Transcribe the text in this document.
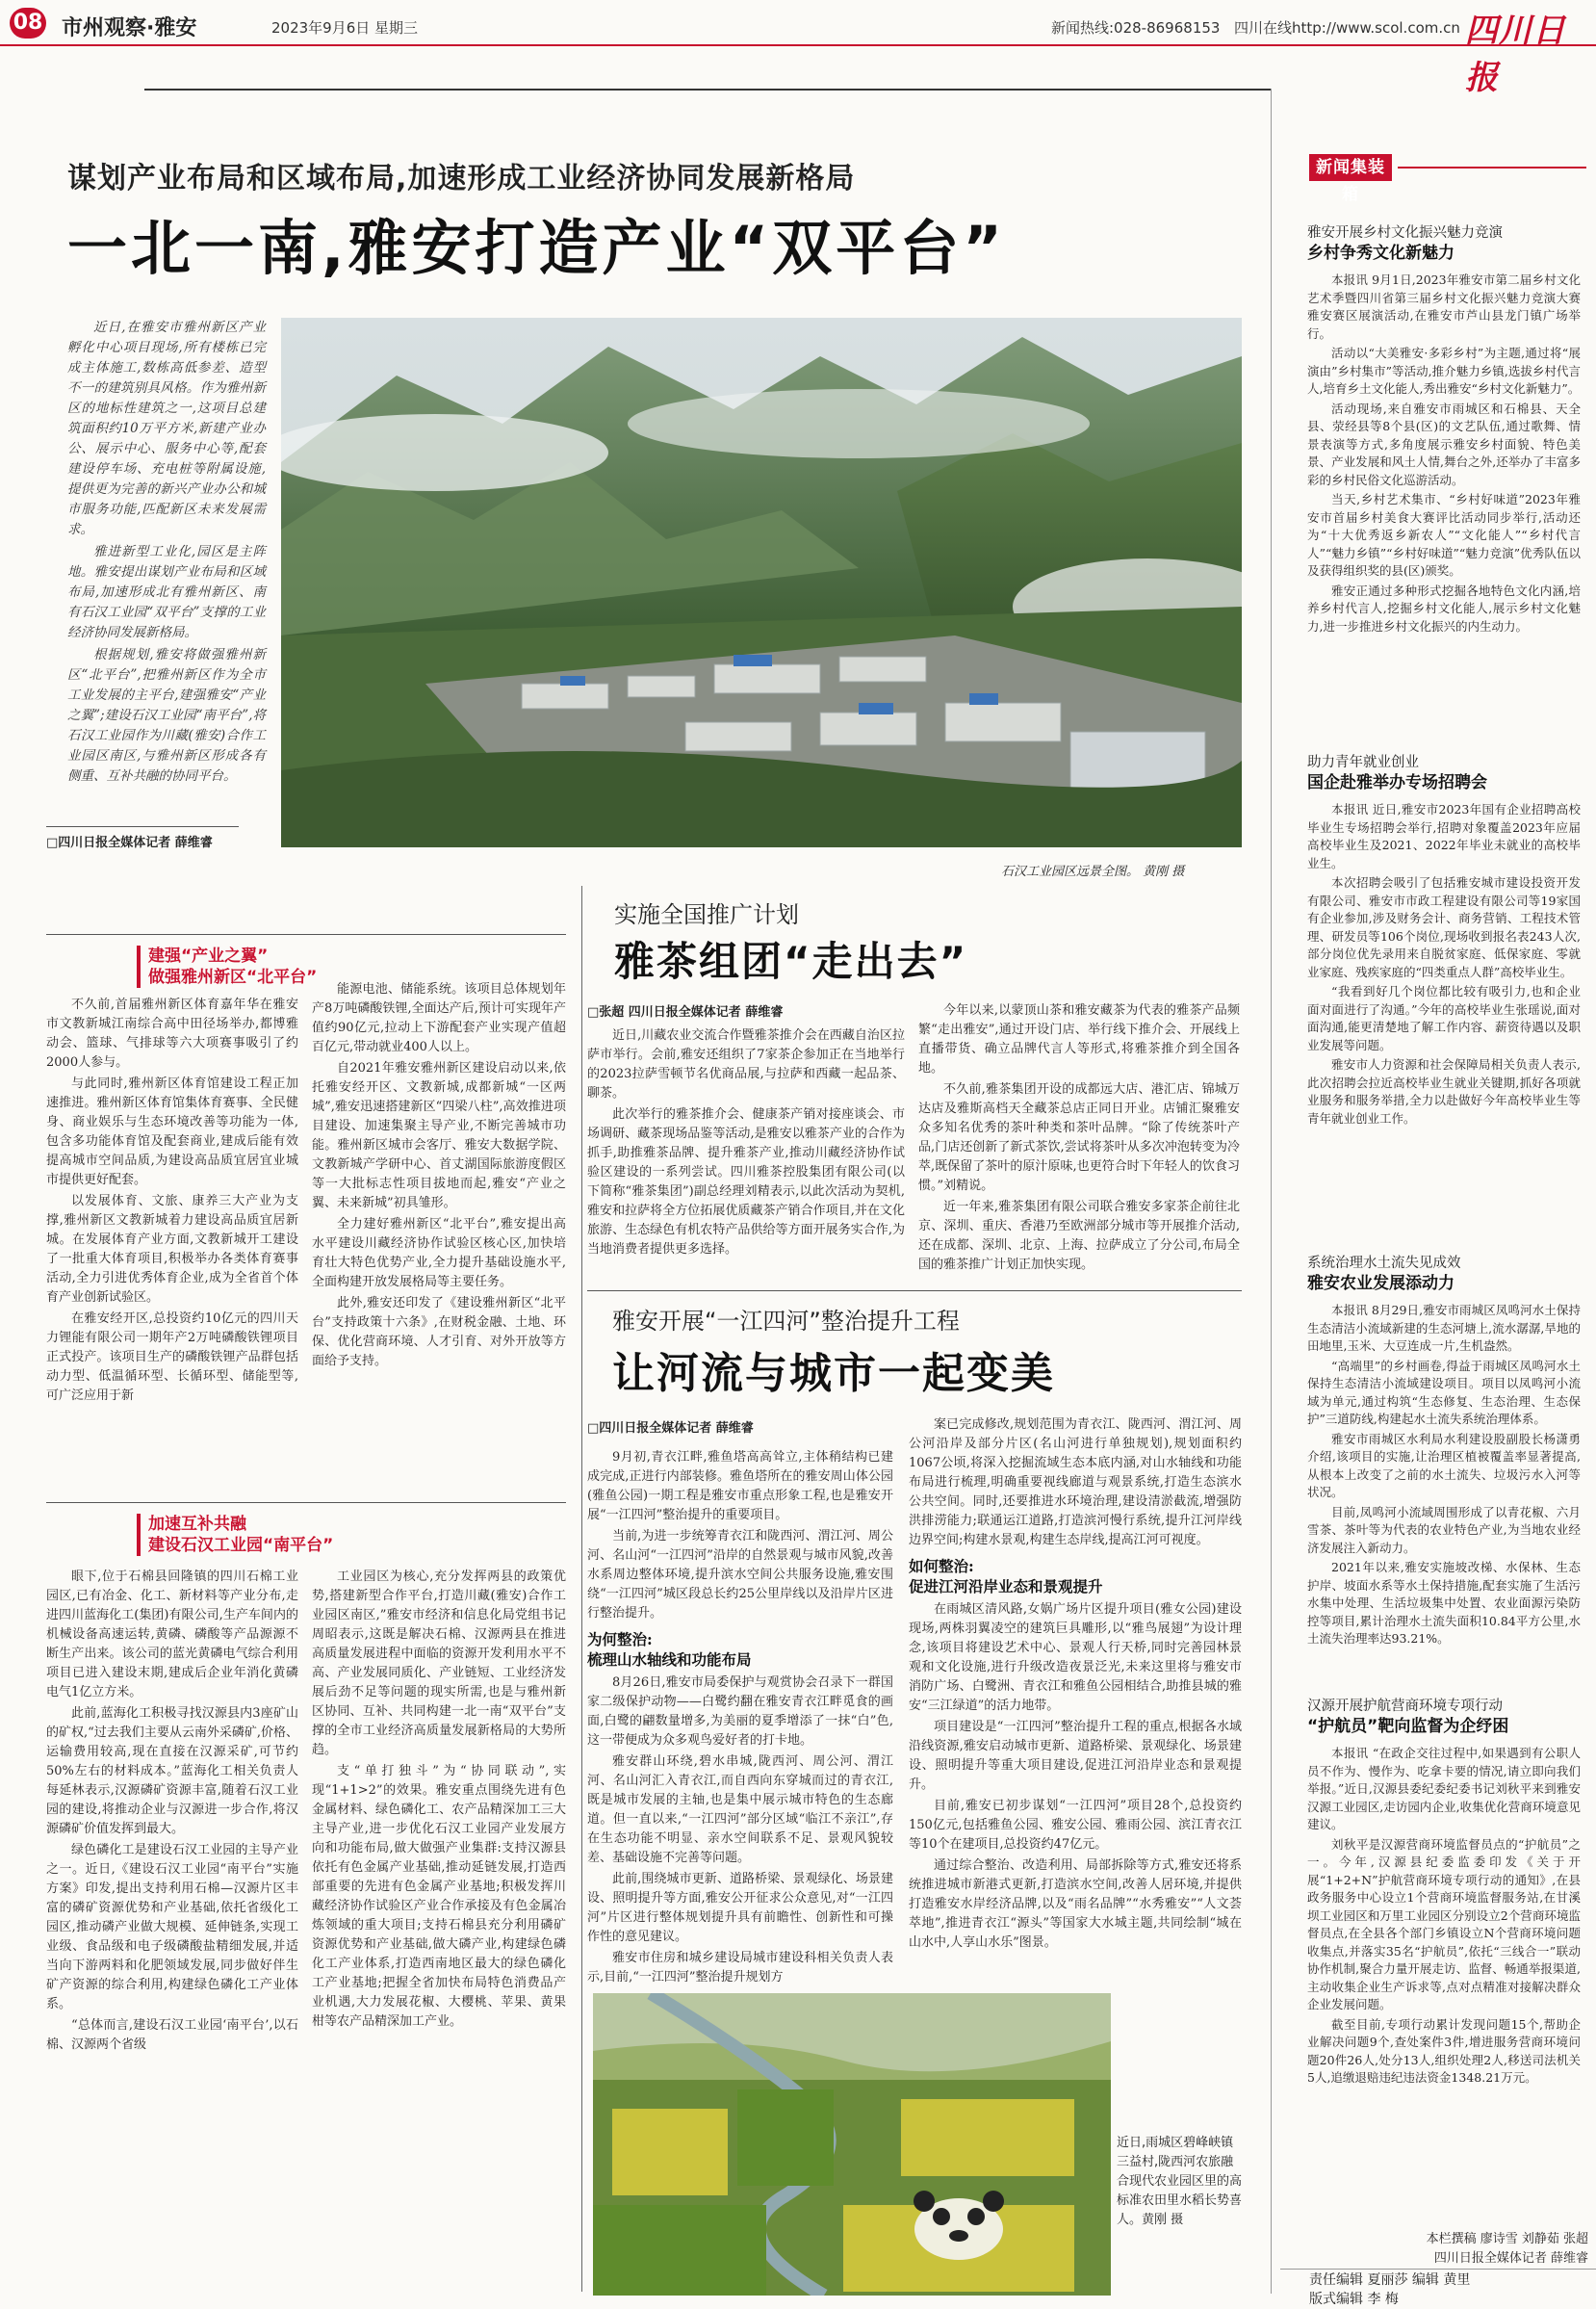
08 市州观察·雅安	2023年9月6日 星期三	新闻热线:028-86968153 四川在线http://www.scol.com.cn 四川日报
谋划产业布局和区域布局,加速形成工业经济协同发展新格局
一北一南,雅安打造产业“双平台”

近日,在雅安市雅州新区产业孵化中心项目现场,所有楼栋已完成主体施工,数栋高低参差、造型不一的建筑别具风格。作为雅州新区的地标性建筑之一,这项目总建筑面积约10万平方米,新建产业办公、展示中心、服务中心等,配套建设停车场、充电桩等附属设施,提供更为完善的新兴产业办公和城市服务功能,匹配新区未来发展需求。

雅进新型工业化,园区是主阵地。雅安提出谋划产业布局和区域布局,加速形成北有雅州新区、南有石汉工业园“双平台”支撑的工业经济协同发展新格局。

根据规划,雅安将做强雅州新区“北平台”,把雅州新区作为全市工业发展的主平台,建强雅安“产业之翼”;建设石汉工业园“南平台”,将石汉工业园作为川藏(雅安)合作工业园区南区,与雅州新区形成各有侧重、互补共融的协同平台。

□四川日报全媒体记者 薛维睿
石汉工业园区远景全图。 黄刚 摄
建强“产业之翼”
做强雅州新区“北平台”

不久前,首届雅州新区体育嘉年华在雅安市文教新城江南综合高中田径场举办,都博雅动会、篮球、气排球等六大项赛事吸引了约2000人参与。

与此同时,雅州新区体育馆建设工程正加速推进。雅州新区体育馆集体育赛事、全民健身、商业娱乐与生态环境改善等功能为一体,包含多功能体育馆及配套商业,建成后能有效提高城市空间品质,为建设高品质宜居宜业城市提供更好配套。

以发展体育、文旅、康养三大产业为支撑,雅州新区文教新城着力建设高品质宜居新城。在发展体育产业方面,文教新城开工建设了一批重大体育项目,积极举办各类体育赛事活动,全力引进优秀体育企业,成为全省首个体育产业创新试验区。

在雅安经开区,总投资约10亿元的四川天力锂能有限公司一期年产2万吨磷酸铁锂项目正式投产。该项目生产的磷酸铁锂产品群包括动力型、低温循环型、长循环型、储能型等,可广泛应用于新

能源电池、储能系统。该项目总体规划年产8万吨磷酸铁锂,全面达产后,预计可实现年产值约90亿元,拉动上下游配套产业实现产值超百亿元,带动就业400人以上。

自2021年雅安雅州新区建设启动以来,依托雅安经开区、文教新城,成都新城“一区两城”,雅安迅速搭建新区“四梁八柱”,高效推进项目建设、加速集聚主导产业,不断完善城市功能。雅州新区城市会客厅、雅安大数据学院、文教新城产学研中心、首丈湖国际旅游度假区等一大批标志性项目拔地而起,雅安“产业之翼、未来新城”初具雏形。

全力建好雅州新区“北平台”,雅安提出高水平建设川藏经济协作试验区核心区,加快培育壮大特色优势产业,全力提升基础设施水平,全面构建开放发展格局等主要任务。

此外,雅安还印发了《建设雅州新区“北平台”支持政策十六条》,在财税金融、土地、环保、优化营商环境、人才引育、对外开放等方面给予支持。

加速互补共融
建设石汉工业园“南平台”

眼下,位于石棉县回隆镇的四川石棉工业园区,已有冶金、化工、新材料等产业分布,走进四川蓝海化工(集团)有限公司,生产车间内的机械设备高速运转,黄磷、磷酸等产品源源不断生产出来。该公司的蓝光黄磷电气综合利用项目已进入建设末期,建成后企业年消化黄磷电气1亿立方米。

此前,蓝海化工积极寻找汉源县内3座矿山的矿权,“过去我们主要从云南外采磷矿,价格、运输费用较高,现在直接在汉源采矿,可节约50%左右的材料成本。”蓝海化工相关负责人每延林表示,汉源磷矿资源丰富,随着石汉工业园的建设,将推动企业与汉源进一步合作,将汉源磷矿价值发挥到最大。

绿色磷化工是建设石汉工业园的主导产业之一。近日,《建设石汉工业园“南平台”实施方案》印发,提出支持利用石棉—汉源片区丰富的磷矿资源优势和产业基础,依托省级化工园区,推动磷产业做大规模、延伸链条,实现工业级、食品级和电子级磷酸盐精细发展,并适当向下游两料和化肥领域发展,同步做好伴生矿产资源的综合利用,构建绿色磷化工产业体系。

“总体而言,建设石汉工业园‘南平台’,以石棉、汉源两个省级

工业园区为核心,充分发挥两县的政策优势,搭建新型合作平台,打造川藏(雅安)合作工业园区南区,”雅安市经济和信息化局党组书记周昭表示,这既是解决石棉、汉源两县在推进高质量发展进程中面临的资源开发利用水平不高、产业发展同质化、产业链短、工业经济发展后劲不足等问题的现实所需,也是与雅州新区协同、互补、共同构建一北一南“双平台”支撑的全市工业经济高质量发展新格局的大势所趋。

支“单打独斗”为“协同联动”,实现“1+1>2”的效果。雅安重点围绕先进有色金属材料、绿色磷化工、农产品精深加工三大主导产业,进一步优化石汉工业园产业发展方向和功能布局,做大做强产业集群:支持汉源县依托有色金属产业基础,推动延链发展,打造西部重要的先进有色金属产业基地;积极发挥川藏经济协作试验区产业合作承接及有色金属冶炼领域的重大项目;支持石棉县充分利用磷矿资源优势和产业基础,做大磷产业,构建绿色磷化工产业体系,打造西南地区最大的绿色磷化工产业基地;把握全省加快布局特色消费品产业机遇,大力发展花椒、大樱桃、苹果、黄果柑等农产品精深加工产业。

实施全国推广计划
雅茶组团“走出去”
□张超 四川日报全媒体记者 薛维睿

近日,川藏农业交流合作暨雅茶推介会在西藏自治区拉萨市举行。会前,雅安还组织了7家茶企参加正在当地举行的2023拉萨雪顿节名优商品展,与拉萨和西藏一起品茶、聊茶。

此次举行的雅茶推介会、健康茶产销对接座谈会、市场调研、藏茶现场品鉴等活动,是雅安以雅茶产业的合作为抓手,助推雅茶品牌、提升雅茶产业,推动川藏经济协作试验区建设的一系列尝试。四川雅茶控股集团有限公司(以下简称“雅茶集团”)副总经理刘精表示,以此次活动为契机,雅安和拉萨将全方位拓展优质藏茶产销合作项目,并在文化旅游、生态绿色有机农特产品供给等方面开展务实合作,为当地消费者提供更多选择。

今年以来,以蒙顶山茶和雅安藏茶为代表的雅茶产品频繁“走出雅安”,通过开设门店、举行线下推介会、开展线上直播带货、确立品牌代言人等形式,将雅茶推介到全国各地。

不久前,雅茶集团开设的成都远大店、港汇店、锦城万达店及雅斯高档天全藏茶总店正同日开业。店铺汇聚雅安众多知名优秀的茶叶种类和茶叶品牌。“除了传统茶叶产品,门店还创新了新式茶饮,尝试将茶叶从多次冲泡转变为冷萃,既保留了茶叶的原汁原味,也更符合时下年轻人的饮食习惯。”刘精说。

近一年来,雅茶集团有限公司联合雅安多家茶企前往北京、深圳、重庆、香港乃至欧洲部分城市等开展推介活动,还在成都、深圳、北京、上海、拉萨成立了分公司,布局全国的雅茶推广计划正加快实现。

雅安开展“一江四河”整治提升工程
让河流与城市一起变美
□四川日报全媒体记者 薛维睿

9月初,青衣江畔,雅鱼塔高高耸立,主体稍结构已建成完成,正进行内部装修。雅鱼塔所在的雅安周山体公园(雅鱼公园)一期工程是雅安市重点形象工程,也是雅安开展“一江四河”整治提升的重要项目。

当前,为进一步统筹青衣江和陇西河、渭江河、周公河、名山河“一江四河”沿岸的自然景观与城市风貌,改善水系周边整体环境,提升滨水空间公共服务设施,雅安围绕“一江四河”城区段总长约25公里岸线以及沿岸片区进行整治提升。

为何整治:
梳理山水轴线和功能布局

8月26日,雅安市局委保护与观赏协会召录下一群国家二级保护动物——白鹭约翻在雅安青衣江畔觅食的画面,白鹭的翩数量增多,为美丽的夏季增添了一抹“白”色,这一带便成为众多观鸟爱好者的打卡地。

雅安群山环绕,碧水串城,陇西河、周公河、渭江河、名山河汇入青衣江,而自西向东穿城而过的青衣江,既是城市发展的主轴,也是集中展示城市特色的生态廊道。但一直以来,“一江四河”部分区域“临江不亲江”,存在生态功能不明显、亲水空间联系不足、景观风貌较差、基础设施不完善等问题。

此前,围绕城市更新、道路桥梁、景观绿化、场景建设、照明提升等方面,雅安公开征求公众意见,对“一江四河”片区进行整体规划提升具有前瞻性、创新性和可操作性的意见建议。

雅安市住房和城乡建设局城市建设科相关负责人表示,目前,“一江四河”整治提升规划方

案已完成修改,规划范围为青衣江、陇西河、渭江河、周公河沿岸及部分片区(名山河进行单独规划),规划面积约1067公顷,将深入挖掘流域生态本底内涵,对山水轴线和功能布局进行梳理,明确重要视线廊道与观景系统,打造生态滨水公共空间。同时,还要推进水环境治理,建设清淤截流,增强防洪排涝能力;联通运江道路,打造滨河慢行系统,提升江河岸线边界空间;构建水景观,构建生态岸线,提高江河可视度。

如何整治:
促进江河沿岸业态和景观提升

在雨城区清风路,女娲广场片区提升项目(雅女公园)建设现场,两株羽翼凌空的建筑巨具雕形,以“雅鸟展翅”为设计理念,该项目将建设艺术中心、景观人行天桥,同时完善园林景观和文化设施,进行升级改造夜景泛光,未来这里将与雅安市消防广场、白鹭洲、青衣江和雅鱼公园相结合,助推县城的雅安“三江绿道”的活力地带。

项目建设是“一江四河”整治提升工程的重点,根据各水域沿线资源,雅安启动城市更新、道路桥梁、景观绿化、场景建设、照明提升等重大项目建设,促进江河沿岸业态和景观提升。

目前,雅安已初步谋划“一江四河”项目28个,总投资约150亿元,包括雅鱼公园、雅安公园、雅雨公园、滨江青衣江等10个在建项目,总投资约47亿元。

通过综合整治、改造利用、局部拆除等方式,雅安还将系统推进城市新港式更新,打造滨水空间,改善人居环境,并提供打造雅安水岸经济品牌,以及“雨名品牌”“水秀雅安”“人文荟萃地”,推进青衣江“源头”等国家大水城主题,共同绘制“城在山水中,人享山水乐”图景。

近日,雨城区碧峰峡镇三益村,陇西河农旅融合现代农业园区里的高标准农田里水稻长势喜人。黄刚 摄
新闻集装箱
雅安开展乡村文化振兴魅力竞演
乡村争秀文化新魅力

本报讯 9月1日,2023年雅安市第二届乡村文化艺术季暨四川省第三届乡村文化振兴魅力竞演大赛雅安赛区展演活动,在雅安市芦山县龙门镇广场举行。

活动以“大美雅安·多彩乡村”为主题,通过将“展演由”乡村集市”等活动,推介魅力乡镇,选拔乡村代言人,培育乡土文化能人,秀出雅安“乡村文化新魅力”。

活动现场,来自雅安市雨城区和石棉县、天全县、荥经县等8个县(区)的文艺队伍,通过歌舞、情景表演等方式,多角度展示雅安乡村面貌、特色美景、产业发展和风土人情,舞台之外,还举办了丰富多彩的乡村民俗文化巡游活动。

当天,乡村艺术集市、“乡村好味道”2023年雅安市首届乡村美食大赛评比活动同步举行,活动还为“十大优秀返乡新农人”“文化能人”“乡村代言人”“魅力乡镇”“乡村好味道”“魅力竞演”优秀队伍以及获得组织奖的县(区)颁奖。

雅安正通过多种形式挖掘各地特色文化内涵,培养乡村代言人,挖掘乡村文化能人,展示乡村文化魅力,进一步推进乡村文化振兴的内生动力。

助力青年就业创业
国企赴雅举办专场招聘会

本报讯 近日,雅安市2023年国有企业招聘高校毕业生专场招聘会举行,招聘对象覆盖2023年应届高校毕业生及2021、2022年毕业未就业的高校毕业生。

本次招聘会吸引了包括雅安城市建设投资开发有限公司、雅安市市政工程建设有限公司等19家国有企业参加,涉及财务会计、商务营销、工程技术管理、研发员等106个岗位,现场收到报名表243人次,部分岗位优先录用来自脱贫家庭、低保家庭、零就业家庭、残疾家庭的“四类重点人群”高校毕业生。

“我看到好几个岗位都比较有吸引力,也和企业面对面进行了沟通。”今年的高校毕业生张瑶说,面对面沟通,能更清楚地了解工作内容、薪资待遇以及职业发展等问题。

雅安市人力资源和社会保障局相关负责人表示,此次招聘会拉近高校毕业生就业关键期,抓好各项就业服务和服务举措,全力以赴做好今年高校毕业生等青年就业创业工作。

系统治理水土流失见成效
雅安农业发展添动力

本报讯 8月29日,雅安市雨城区凤鸣河水土保持生态清洁小流域新建的生态河塘上,流水潺潺,旱地的田地里,玉米、大豆连成一片,生机盎然。

“高端里”的乡村画卷,得益于雨城区凤鸣河水土保持生态清洁小流域建设项目。项目以凤鸣河小流域为单元,通过构筑“生态修复、生态治理、生态保护”三道防线,构建起水土流失系统治理体系。

雅安市雨城区水利局水利建设股副股长杨潇勇介绍,该项目的实施,让治理区植被覆盖率显著提高,从根本上改变了之前的水土流失、垃圾污水入河等状况。

目前,凤鸣河小流域周围形成了以青花椒、六月雪茶、茶叶等为代表的农业特色产业,为当地农业经济发展注入新动力。

2021年以来,雅安实施坡改梯、水保林、生态护岸、坡面水系等水土保持措施,配套实施了生活污水集中处理、生活垃圾集中处置、农业面源污染防控等项目,累计治理水土流失面积10.84平方公里,水土流失治理率达93.21%。

汉源开展护航营商环境专项行动
“护航员”靶向监督为企纾困

本报讯 “在政企交往过程中,如果遇到有公职人员不作为、慢作为、吃拿卡要的情况,请立即向我们举报。”近日,汉源县委纪委纪委书记刘秋平来到雅安汉源工业园区,走访园内企业,收集优化营商环境意见建议。

刘秋平是汉源营商环境监督员点的“护航员”之一。今年,汉源县纪委监委印发《关于开展“1+2+N”护航营商环境专项行动的通知》,在县政务服务中心设立1个营商环境监督服务站,在甘溪坝工业园区和万里工业园区分别设立2个营商环境监督员点,在全县各个部门乡镇设立N个营商环境问题收集点,并落实35名“护航员”,依托“三线合一”联动协作机制,聚合力量开展走访、监督、畅通举报渠道,主动收集企业生产诉求等,点对点精准对接解决群众企业发展问题。

截至目前,专项行动累计发现问题15个,帮助企业解决问题9个,查处案件3件,增进服务营商环境问题20件26人,处分13人,组织处理2人,移送司法机关5人,追缴退赔违纪违法资金1348.21万元。

本栏撰稿 廖诗雪 刘静茹 张超
四川日报全媒体记者 薛维睿
责任编辑 夏丽莎 编辑 黄里
版式编辑 李 梅
